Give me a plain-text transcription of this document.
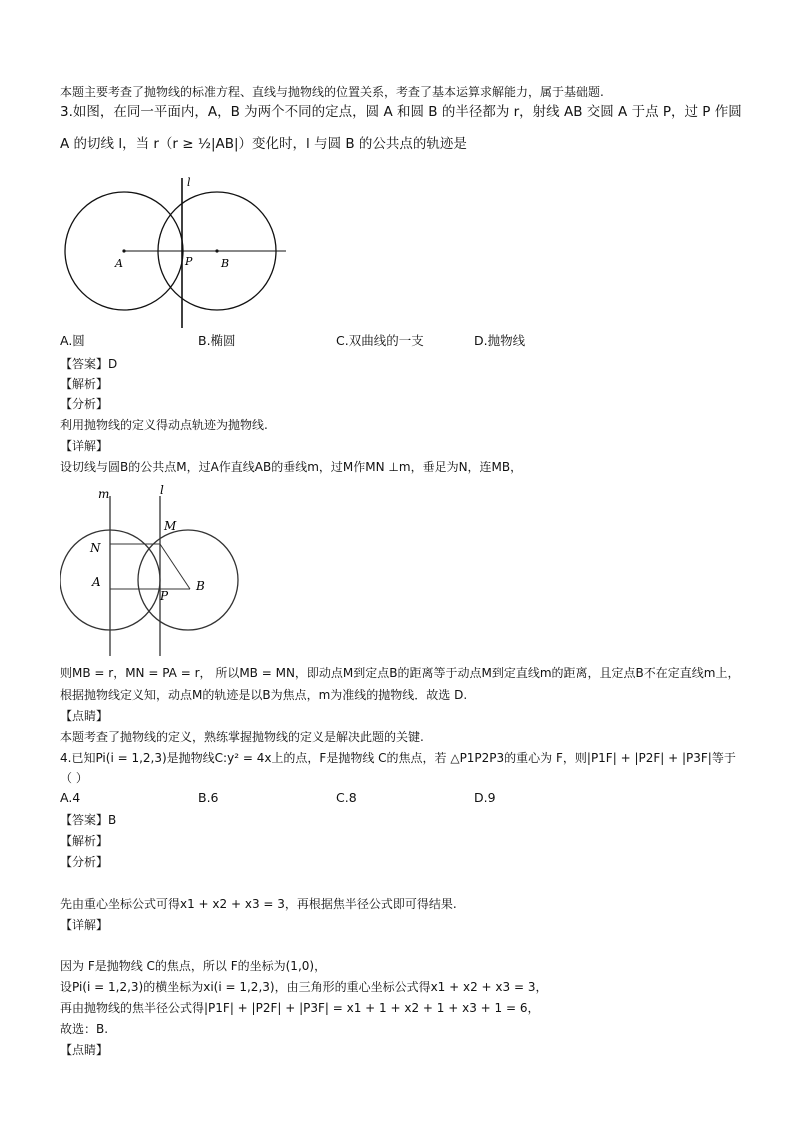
本题主要考查了抛物线的标准方程、直线与抛物线的位置关系，考查了基本运算求解能力，属于基础题.
3.如图，在同一平面内，A，B 为两个不同的定点，圆 A 和圆 B 的半径都为 r，射线 AB 交圆 A 于点 P，过 P 作圆
A 的切线 l，当 r（r ≥ ½|AB|）变化时，l 与圆 B 的公共点的轨迹是
l
A	P	B
A.圆	B.椭圆	C.双曲线的一支	D.抛物线
【答案】D
【解析】
【分析】
利用抛物线的定义得动点轨迹为抛物线.
【详解】
设切线与圆B的公共点M，过A作直线AB的垂线m，过M作MN ⊥m，垂足为N，连MB，
m	l
M
N
A
P
B
则MB = r，MN = PA = r， 所以MB = MN，即动点M到定点B的距离等于动点M到定直线m的距离，且定点B不在定直线m上，
根据抛物线定义知，动点M的轨迹是以B为焦点，m为准线的抛物线．故选 D.
【点睛】
本题考查了抛物线的定义，熟练掌握抛物线的定义是解决此题的关键.
4.已知Pi(i = 1,2,3)是抛物线C:y² = 4x上的点，F是抛物线 C的焦点，若 △P1P2P3的重心为 F，则|P1F| + |P2F| + |P3F|等于
（ ）
A.4	B.6	C.8	D.9
【答案】B
【解析】
【分析】
先由重心坐标公式可得x1 + x2 + x3 = 3，再根据焦半径公式即可得结果.
【详解】
因为 F是抛物线 C的焦点，所以 F的坐标为(1,0)，
设Pi(i = 1,2,3)的横坐标为xi(i = 1,2,3)，由三角形的重心坐标公式得x1 + x2 + x3 = 3，
再由抛物线的焦半径公式得|P1F| + |P2F| + |P3F| = x1 + 1 + x2 + 1 + x3 + 1 = 6，
故选：B.
【点睛】
